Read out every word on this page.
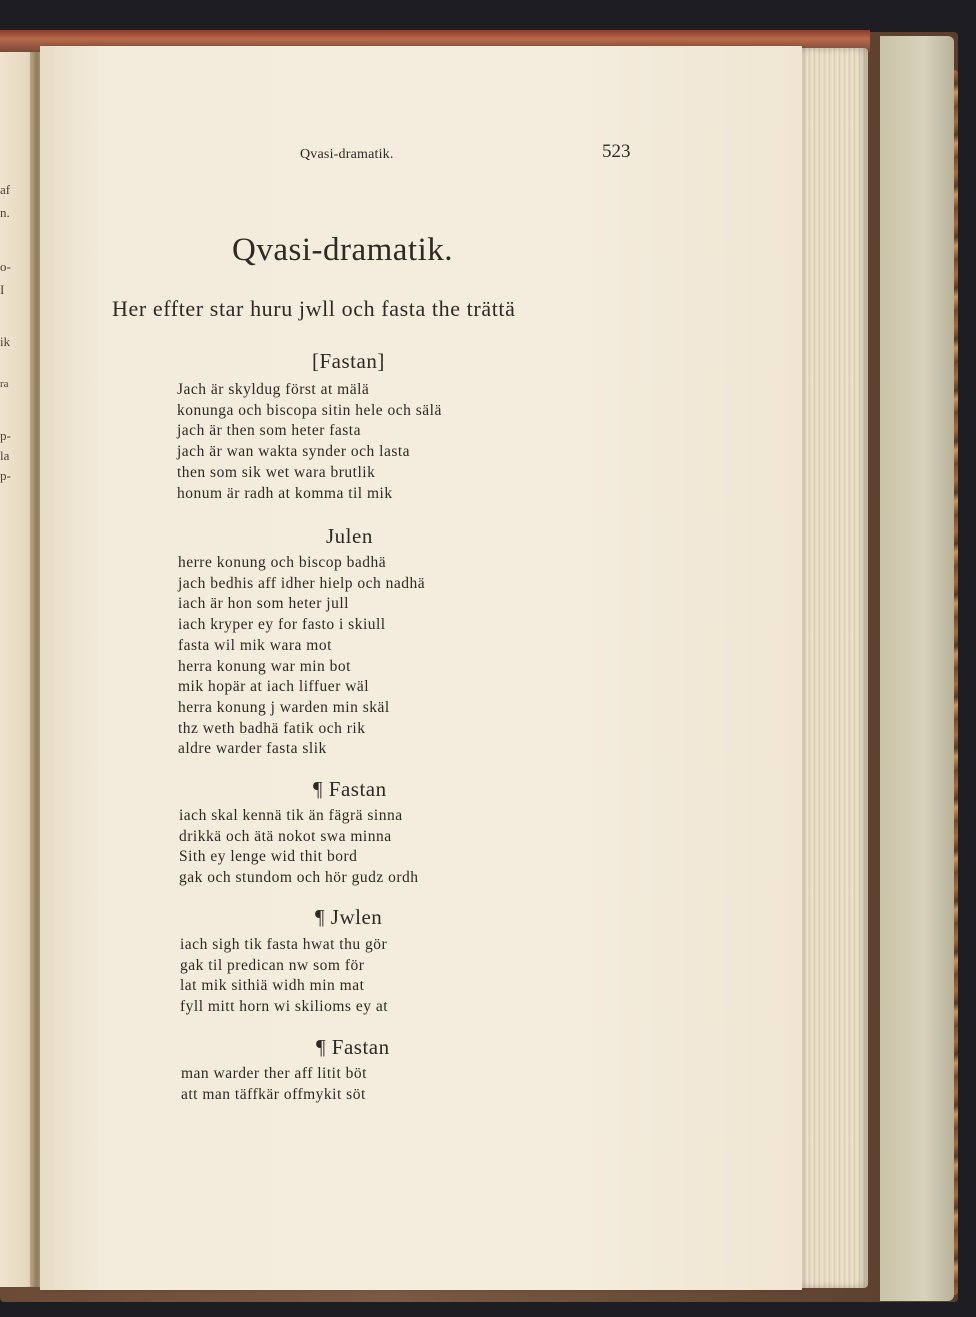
af
n.
o-
I
ik
ra
p-
la
p-
Qvasi-dramatik.	523
Qvasi-dramatik.
Her effter star huru jwll och fasta the trättä
[Fastan]
Jach är skyldug först at mälä
konunga och biscopa sitin hele och sälä
jach är then som heter fasta
jach är wan wakta synder och lasta
then som sik wet wara brutlik
honum är radh at komma til mik
Julen
herre konung och biscop badhä
jach bedhis aff idher hielp och nadhä
iach är hon som heter jull
iach kryper ey for fasto i skiull
fasta wil mik wara mot
herra konung war min bot
mik hopär at iach liffuer wäl
herra konung j warden min skäl
thz weth badhä fatik och rik
aldre warder fasta slik
¶ Fastan
iach skal kennä tik än fägrä sinna
drikkä och ätä nokot swa minna
Sith ey lenge wid thit bord
gak och stundom och hör gudz ordh
¶ Jwlen
iach sigh tik fasta hwat thu gör
gak til predican nw som för
lat mik sithiä widh min mat
fyll mitt horn wi skilioms ey at
¶ Fastan
man warder ther aff litit böt
att man täffkär offmykit söt
